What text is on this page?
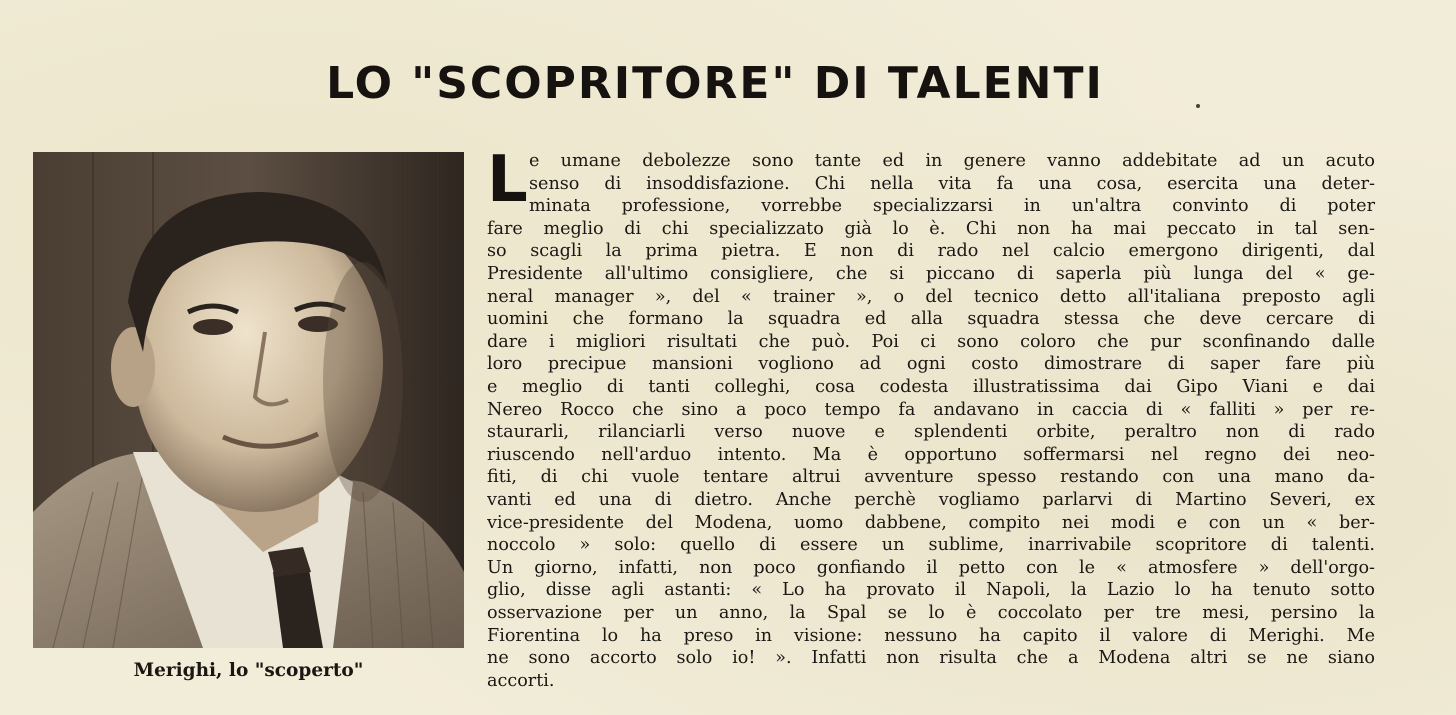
LO "SCOPRITORE" DI TALENTI

Merighi, lo "scoperto"

L e umane debolezze sono tante ed in genere vanno addebitate ad un acuto
senso di insoddisfazione. Chi nella vita fa una cosa, esercita una deter-
minata professione, vorrebbe specializzarsi in un'altra convinto di poter
fare meglio di chi specializzato già lo è. Chi non ha mai peccato in tal sen-
so scagli la prima pietra. E non di rado nel calcio emergono dirigenti, dal
Presidente all'ultimo consigliere, che si piccano di saperla più lunga del « ge-
neral manager », del « trainer », o del tecnico detto all'italiana preposto agli
uomini che formano la squadra ed alla squadra stessa che deve cercare di
dare i migliori risultati che può. Poi ci sono coloro che pur sconfinando dalle
loro precipue mansioni vogliono ad ogni costo dimostrare di saper fare più
e meglio di tanti colleghi, cosa codesta illustratissima dai Gipo Viani e dai
Nereo Rocco che sino a poco tempo fa andavano in caccia di « falliti » per re-
staurarli, rilanciarli verso nuove e splendenti orbite, peraltro non di rado
riuscendo nell'arduo intento. Ma è opportuno soffermarsi nel regno dei neo-
fiti, di chi vuole tentare altrui avventure spesso restando con una mano da-
vanti ed una di dietro. Anche perchè vogliamo parlarvi di Martino Severi, ex
vice-presidente del Modena, uomo dabbene, compito nei modi e con un « ber-
noccolo » solo: quello di essere un sublime, inarrivabile scopritore di talenti.
Un giorno, infatti, non poco gonfiando il petto con le « atmosfere » dell'orgo-
glio, disse agli astanti: « Lo ha provato il Napoli, la Lazio lo ha tenuto sotto
osservazione per un anno, la Spal se lo è coccolato per tre mesi, persino la
Fiorentina lo ha preso in visione: nessuno ha capito il valore di Merighi. Me
ne sono accorto solo io! ». Infatti non risulta che a Modena altri se ne siano
accorti.
